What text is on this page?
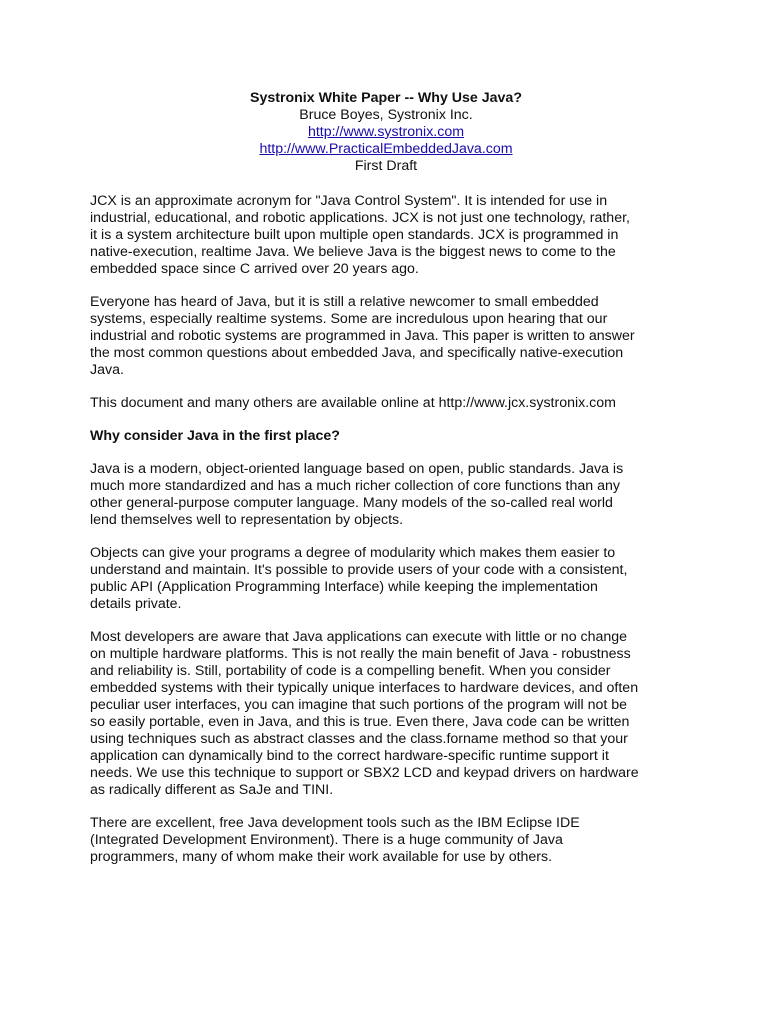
Systronix White Paper -- Why Use Java?
Bruce Boyes, Systronix Inc.
http://www.systronix.com
http://www.PracticalEmbeddedJava.com
First Draft

JCX is an approximate acronym for "Java Control System". It is intended for use in
industrial, educational, and robotic applications. JCX is not just one technology, rather,
it is a system architecture built upon multiple open standards. JCX is programmed in
native-execution, realtime Java. We believe Java is the biggest news to come to the
embedded space since C arrived over 20 years ago.

Everyone has heard of Java, but it is still a relative newcomer to small embedded
systems, especially realtime systems. Some are incredulous upon hearing that our
industrial and robotic systems are programmed in Java. This paper is written to answer
the most common questions about embedded Java, and specifically native-execution
Java.

This document and many others are available online at http://www.jcx.systronix.com

Why consider Java in the first place?

Java is a modern, object-oriented language based on open, public standards. Java is
much more standardized and has a much richer collection of core functions than any
other general-purpose computer language. Many models of the so-called real world
lend themselves well to representation by objects.

Objects can give your programs a degree of modularity which makes them easier to
understand and maintain. It's possible to provide users of your code with a consistent,
public API (Application Programming Interface) while keeping the implementation
details private.

Most developers are aware that Java applications can execute with little or no change
on multiple hardware platforms. This is not really the main benefit of Java - robustness
and reliability is. Still, portability of code is a compelling benefit. When you consider
embedded systems with their typically unique interfaces to hardware devices, and often
peculiar user interfaces, you can imagine that such portions of the program will not be
so easily portable, even in Java, and this is true. Even there, Java code can be written
using techniques such as abstract classes and the class.forname method so that your
application can dynamically bind to the correct hardware-specific runtime support it
needs. We use this technique to support or SBX2 LCD and keypad drivers on hardware
as radically different as SaJe and TINI.

There are excellent, free Java development tools such as the IBM Eclipse IDE
(Integrated Development Environment). There is a huge community of Java
programmers, many of whom make their work available for use by others.
